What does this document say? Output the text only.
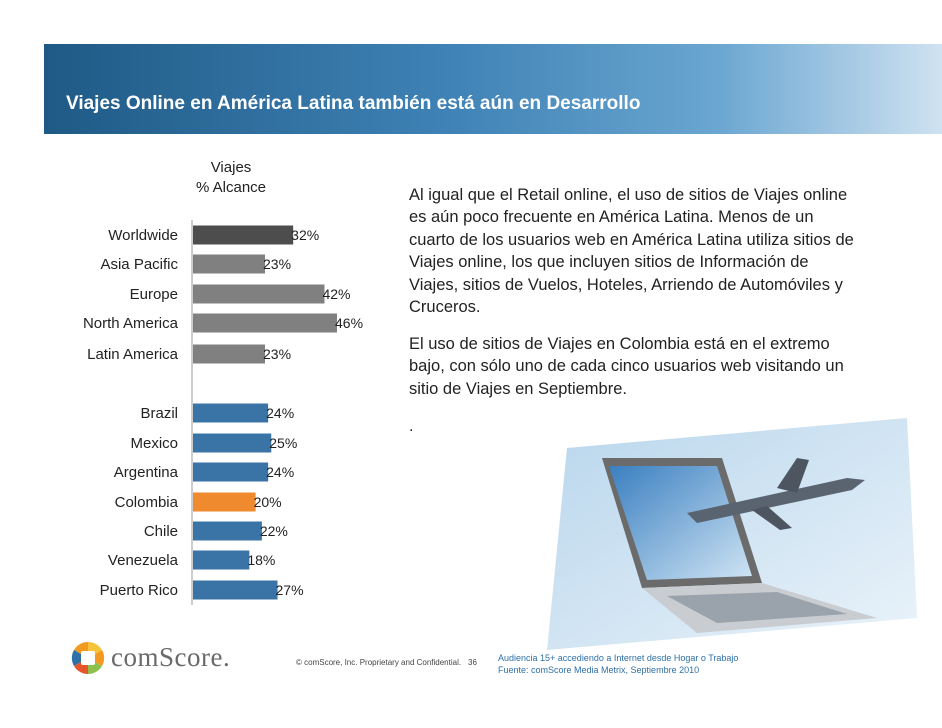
Viajes Online en América Latina también está aún en Desarrollo
Viajes
% Alcance
Worldwide	32%
Asia Pacific	23%
Europe	42%
North America	46%
Latin America	23%
Brazil	24%
Mexico	25%
Argentina	24%
Colombia	20%
Chile	22%
Venezuela	18%
Puerto Rico	27%
Al igual que el Retail online, el uso de sitios de Viajes online es aún poco frecuente en América Latina. Menos de un cuarto de los usuarios web en América Latina utiliza sitios de Viajes online, los que incluyen sitios de Información de Viajes, sitios de Vuelos, Hoteles, Arriendo de Automóviles y Cruceros.
El uso de sitios de Viajes en Colombia está en el extremo bajo, con sólo uno de cada cinco usuarios web visitando un sitio de Viajes en Septiembre.
.
comScore.	© comScore, Inc. Proprietary and Confidential. 36 Audiencia 15+ accediendo a Internet desde Hogar o Trabajo
Fuente: comScore Media Metrix, Septiembre 2010
